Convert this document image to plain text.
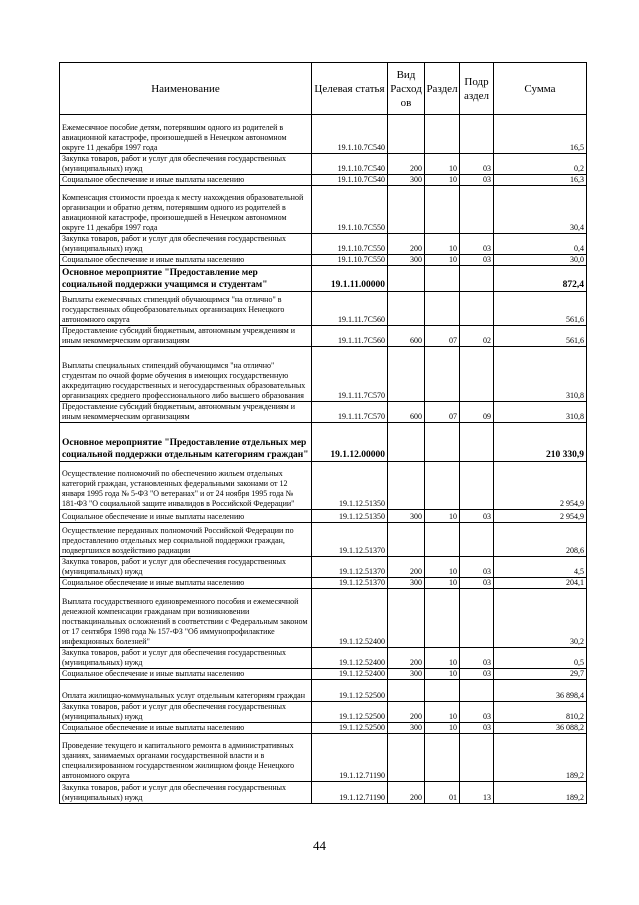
Наименование	Целевая статья	Вид Расход ов	Раздел	Подр аздел	Сумма
Ежемесячное пособие детям, потерявшим одного из родителей в авиационной катастрофе, произошедшей в Ненецком автономном округе 11 декабря 1997 года	19.1.10.7С540				16,5
Закупка товаров, работ и услуг для обеспечения государственных (муниципальных) нужд	19.1.10.7С540	200	10	03	0,2
Социальное обеспечение и иные выплаты населению	19.1.10.7С540	300	10	03	16,3
Компенсация стоимости проезда к месту нахождения образовательной организации и обратно детям, потерявшим одного из родителей в авиационной катастрофе, произошедшей в Ненецком автономном округе 11 декабря 1997 года	19.1.10.7С550				30,4
Закупка товаров, работ и услуг для обеспечения государственных (муниципальных) нужд	19.1.10.7С550	200	10	03	0,4
Социальное обеспечение и иные выплаты населению	19.1.10.7С550	300	10	03	30,0
Основное мероприятие "Предоставление мер социальной поддержки учащимся и студентам"	19.1.11.00000				872,4
Выплаты ежемесячных стипендий обучающимся "на отлично" в государственных общеобразовательных организациях Ненецкого автономного округа	19.1.11.7С560				561,6
Предоставление субсидий бюджетным, автономным учреждениям и иным некоммерческим организациям	19.1.11.7С560	600	07	02	561,6
Выплаты специальных стипендий обучающимся "на отлично" студентам по очной форме обучения в имеющих государственную аккредитацию государственных и негосударственных образовательных организациях среднего профессионального либо высшего образования	19.1.11.7С570				310,8
Предоставление субсидий бюджетным, автономным учреждениям и иным некоммерческим организациям	19.1.11.7С570	600	07	09	310,8
Основное мероприятие "Предоставление отдельных мер социальной поддержки отдельным категориям граждан"	19.1.12.00000				210 330,9
Осуществление полномочий по обеспечению жильем отдельных категорий граждан, установленных федеральными законами от 12 января 1995 года № 5-ФЗ "О ветеранах" и от 24 ноября 1995 года № 181-ФЗ "О социальной защите инвалидов в Российской Федерации"	19.1.12.51350				2 954,9
Социальное обеспечение и иные выплаты населению	19.1.12.51350	300	10	03	2 954,9
Осуществление переданных полномочий Российской Федерации по предоставлению отдельных мер социальной поддержки граждан, подвергшихся воздействию радиации	19.1.12.51370				208,6
Закупка товаров, работ и услуг для обеспечения государственных (муниципальных) нужд	19.1.12.51370	200	10	03	4,5
Социальное обеспечение и иные выплаты населению	19.1.12.51370	300	10	03	204,1
Выплата государственного единовременного пособия и ежемесячной денежной компенсации гражданам при возникновении поствакцинальных осложнений в соответствии с Федеральным законом от 17 сентября 1998 года № 157-ФЗ "Об иммунопрофилактике инфекционных болезней"	19.1.12.52400				30,2
Закупка товаров, работ и услуг для обеспечения государственных (муниципальных) нужд	19.1.12.52400	200	10	03	0,5
Социальное обеспечение и иные выплаты населению	19.1.12.52400	300	10	03	29,7
Оплата жилищно-коммунальных услуг отдельным категориям граждан	19.1.12.52500				36 898,4
Закупка товаров, работ и услуг для обеспечения государственных (муниципальных) нужд	19.1.12.52500	200	10	03	810,2
Социальное обеспечение и иные выплаты населению	19.1.12.52500	300	10	03	36 088,2
Проведение текущего и капитального ремонта в административных зданиях, занимаемых органами государственной власти и в специализированном государственном жилищном фонде Ненецкого автономного округа	19.1.12.71190				189,2
Закупка товаров, работ и услуг для обеспечения государственных (муниципальных) нужд	19.1.12.71190	200	01	13	189,2
44
